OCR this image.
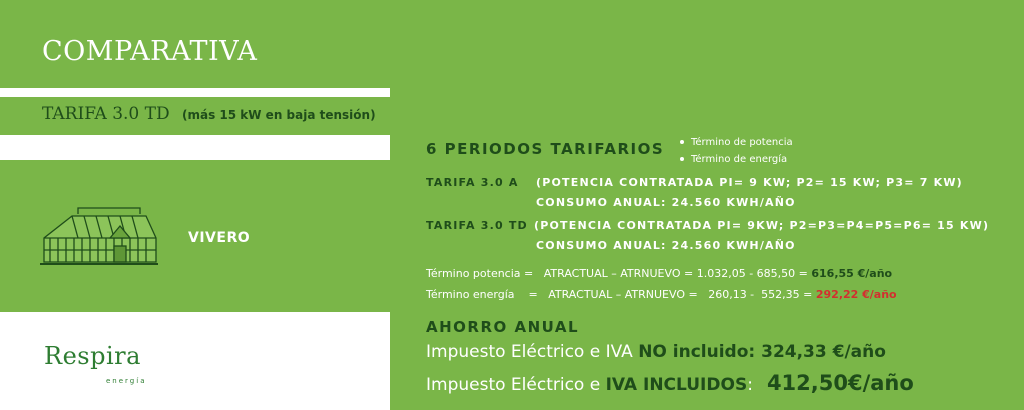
COMPARATIVA
TARIFA 3.0 TD (más 15 kW en baja tensión)
VIVERO
Respira
energía
6 PERIODOS TARIFARIOS	Término de potencia
Término de energía
TARIFA 3.0 A (POTENCIA CONTRATADA PI= 9 KW; P2= 15 KW; P3= 7 KW)
CONSUMO ANUAL: 24.560 KWH/AÑO
TARIFA 3.0 TD (POTENCIA CONTRATADA PI= 9KW; P2=P3=P4=P5=P6= 15 KW)
CONSUMO ANUAL: 24.560 KWH/AÑO
Término potencia =   ATRACTUAL – ATRNUEVO = 1.032,05 - 685,50 = 616,55 €/año
Término energía    =   ATRACTUAL – ATRNUEVO =   260,13 -  552,35 = 292,22 €/año
AHORRO ANUAL
Impuesto Eléctrico e IVA NO incluido: 324,33 €/año
Impuesto Eléctrico e IVA INCLUIDOS: 412,50€/año
